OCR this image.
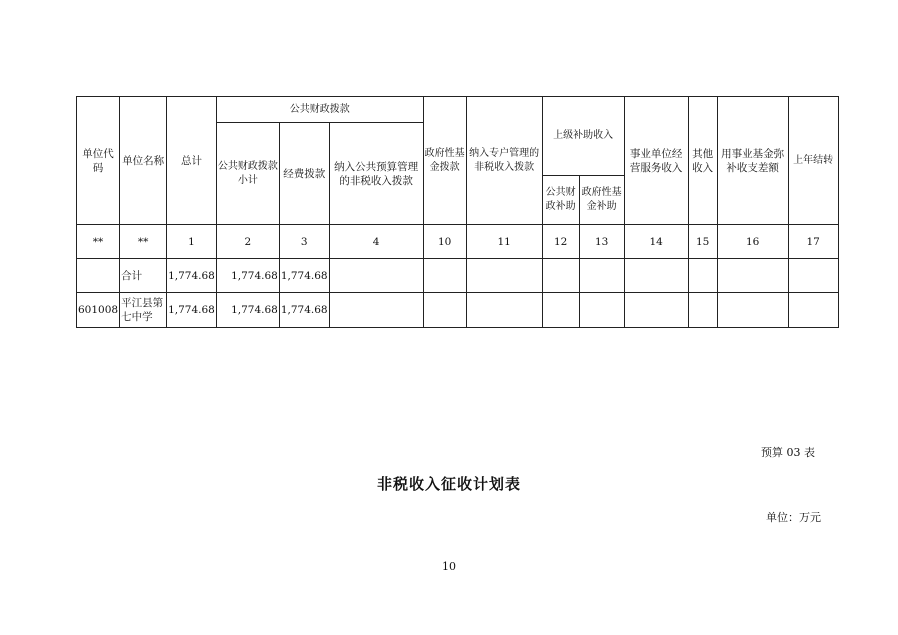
单位代码	单位名称	总计	公共财政拨款			政府性基金拨款	纳入专户管理的非税收入拨款	上级补助收入		事业单位经营服务收入	其他收入	用事业基金弥补收支差额	上年结转
			公共财政拨款小计	经费拨款	纳入公共预算管理的非税收入拨款								
								公共财政补助	政府性基金补助				
**	**	1	2	3	4	10	11	12	13	14	15	16	17
	合计	1,774.68	1,774.68	1,774.68									
601008	平江县第七中学	1,774.68	1,774.68	1,774.68									
预算 03 表
非税收入征收计划表
单位：万元
10
